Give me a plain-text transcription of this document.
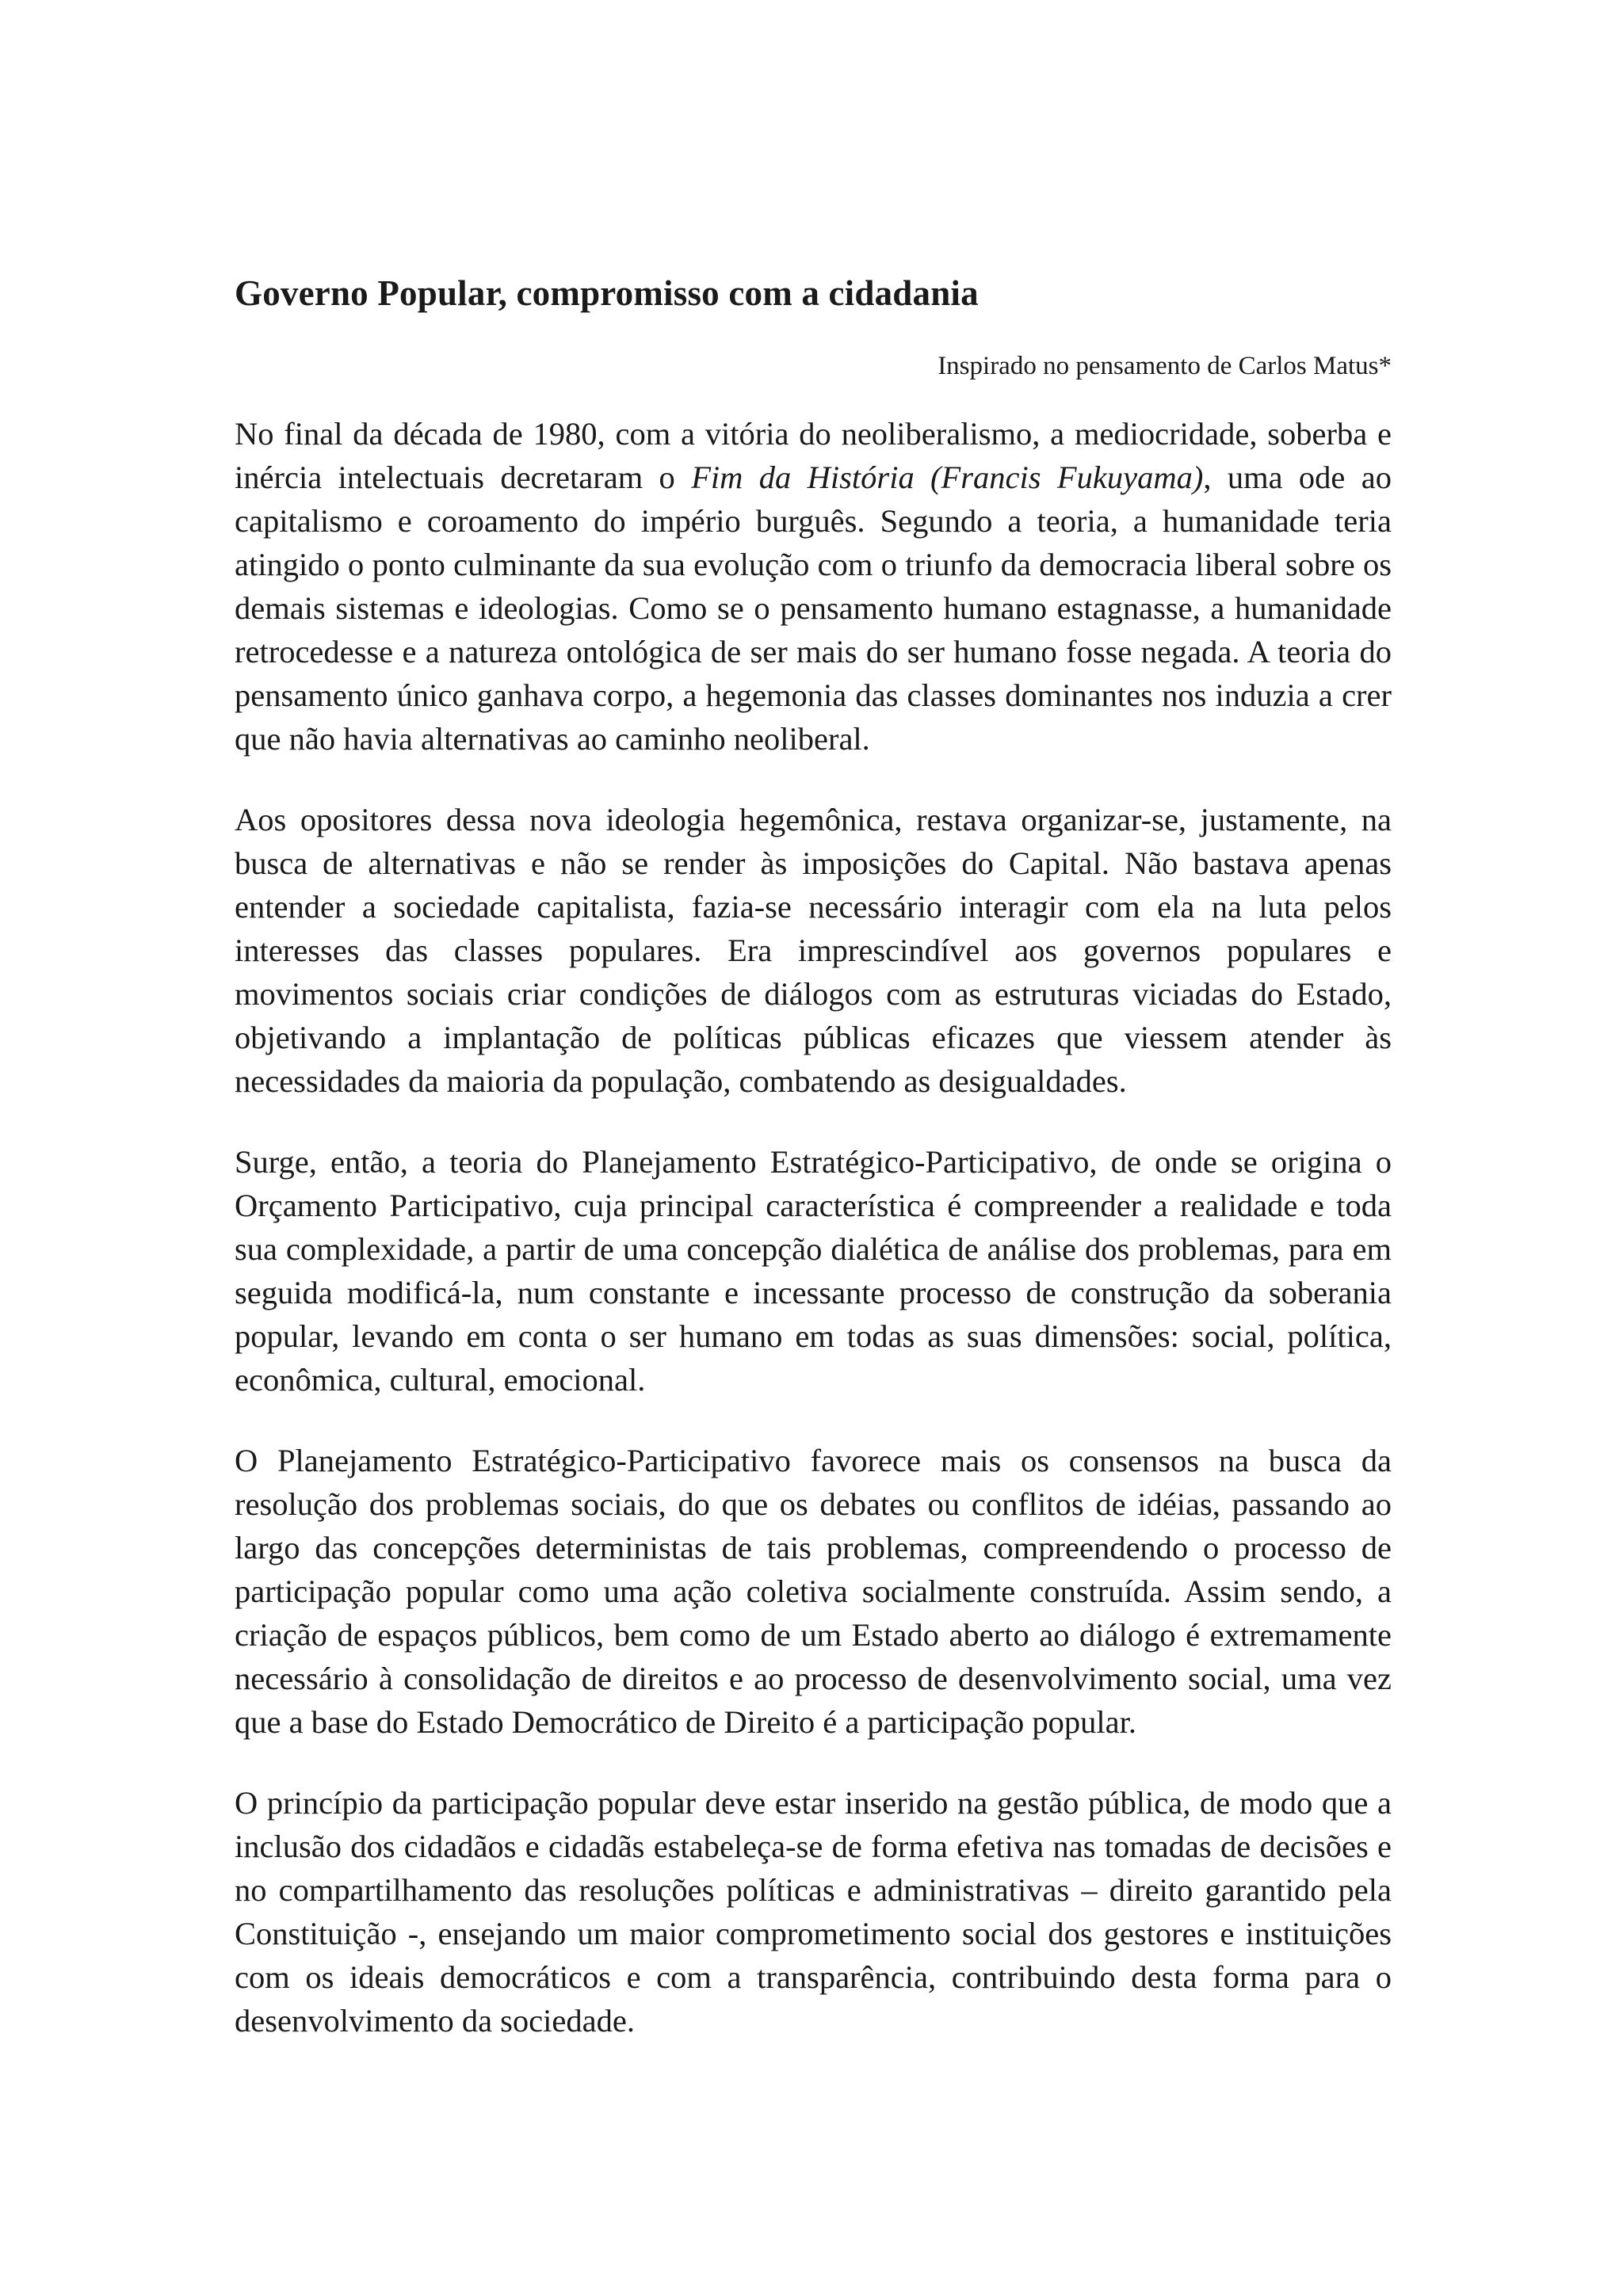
Governo Popular, compromisso com a cidadania
Inspirado no pensamento de Carlos Matus*

No final da década de 1980, com a vitória do neoliberalismo, a mediocridade, soberba e inércia intelectuais decretaram o Fim da História (Francis Fukuyama), uma ode ao capitalismo e coroamento do império burguês. Segundo a teoria, a humanidade teria atingido o ponto culminante da sua evolução com o triunfo da democracia liberal sobre os demais sistemas e ideologias. Como se o pensamento humano estagnasse, a humanidade retrocedesse e a natureza ontológica de ser mais do ser humano fosse negada. A teoria do pensamento único ganhava corpo, a hegemonia das classes dominantes nos induzia a crer que não havia alternativas ao caminho neoliberal.

Aos opositores dessa nova ideologia hegemônica, restava organizar-se, justamente, na busca de alternativas e não se render às imposições do Capital. Não bastava apenas entender a sociedade capitalista, fazia-se necessário interagir com ela na luta pelos interesses das classes populares. Era imprescindível aos governos populares e movimentos sociais criar condições de diálogos com as estruturas viciadas do Estado, objetivando a implantação de políticas públicas eficazes que viessem atender às necessidades da maioria da população, combatendo as desigualdades.

Surge, então, a teoria do Planejamento Estratégico-Participativo, de onde se origina o Orçamento Participativo, cuja principal característica é compreender a realidade e toda sua complexidade, a partir de uma concepção dialética de análise dos problemas, para em seguida modificá-la, num constante e incessante processo de construção da soberania popular, levando em conta o ser humano em todas as suas dimensões: social, política, econômica, cultural, emocional.

O Planejamento Estratégico-Participativo favorece mais os consensos na busca da resolução dos problemas sociais, do que os debates ou conflitos de idéias, passando ao largo das concepções deterministas de tais problemas, compreendendo o processo de participação popular como uma ação coletiva socialmente construída. Assim sendo, a criação de espaços públicos, bem como de um Estado aberto ao diálogo é extremamente necessário à consolidação de direitos e ao processo de desenvolvimento social, uma vez que a base do Estado Democrático de Direito é a participação popular.

O princípio da participação popular deve estar inserido na gestão pública, de modo que a inclusão dos cidadãos e cidadãs estabeleça-se de forma efetiva nas tomadas de decisões e no compartilhamento das resoluções políticas e administrativas – direito garantido pela Constituição -, ensejando um maior comprometimento social dos gestores e instituições com os ideais democráticos e com a transparência, contribuindo desta forma para o desenvolvimento da sociedade.
